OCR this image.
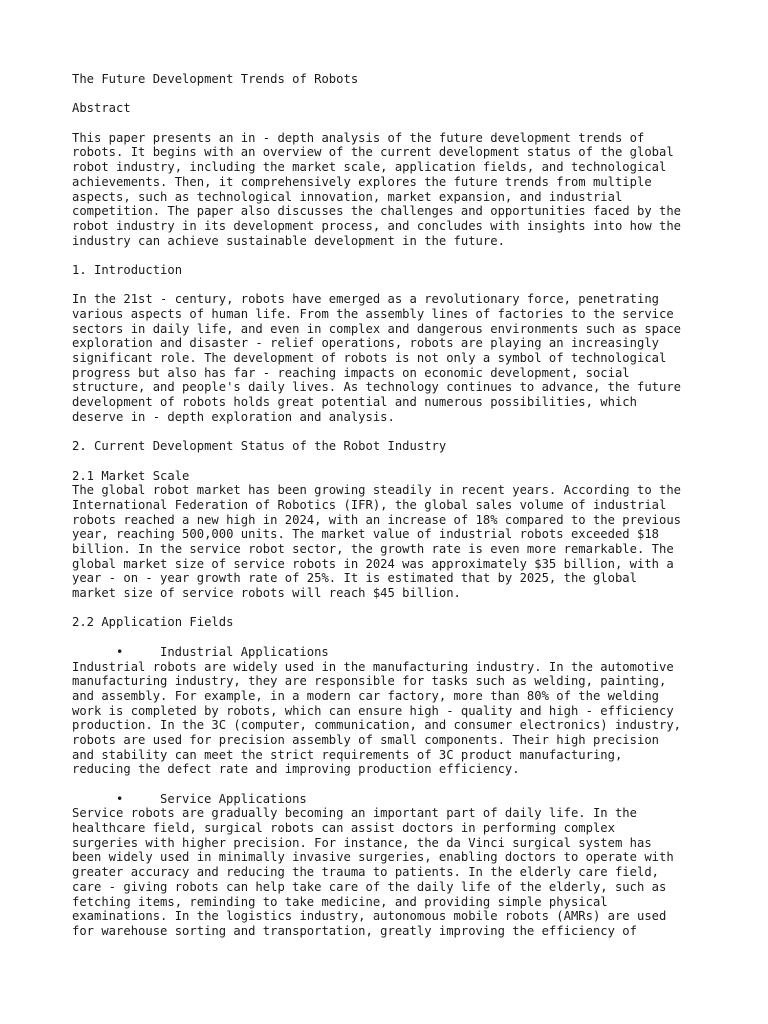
The Future Development Trends of Robots
Abstract
This paper presents an in - depth analysis of the future development trends of
robots. It begins with an overview of the current development status of the global
robot industry, including the market scale, application fields, and technological
achievements. Then, it comprehensively explores the future trends from multiple
aspects, such as technological innovation, market expansion, and industrial
competition. The paper also discusses the challenges and opportunities faced by the
robot industry in its development process, and concludes with insights into how the
industry can achieve sustainable development in the future.
1. Introduction
In the 21st - century, robots have emerged as a revolutionary force, penetrating
various aspects of human life. From the assembly lines of factories to the service
sectors in daily life, and even in complex and dangerous environments such as space
exploration and disaster - relief operations, robots are playing an increasingly
significant role. The development of robots is not only a symbol of technological
progress but also has far - reaching impacts on economic development, social
structure, and people's daily lives. As technology continues to advance, the future
development of robots holds great potential and numerous possibilities, which
deserve in - depth exploration and analysis.
2. Current Development Status of the Robot Industry
2.1 Market Scale
The global robot market has been growing steadily in recent years. According to the
International Federation of Robotics (IFR), the global sales volume of industrial
robots reached a new high in 2024, with an increase of 18% compared to the previous
year, reaching 500,000 units. The market value of industrial robots exceeded $18
billion. In the service robot sector, the growth rate is even more remarkable. The
global market size of service robots in 2024 was approximately $35 billion, with a
year - on - year growth rate of 25%. It is estimated that by 2025, the global
market size of service robots will reach $45 billion.
2.2 Application Fields

•

	Industrial Applications

Industrial robots are widely used in the manufacturing industry. In the automotive
manufacturing industry, they are responsible for tasks such as welding, painting,
and assembly. For example, in a modern car factory, more than 80% of the welding
work is completed by robots, which can ensure high - quality and high - efficiency
production. In the 3C (computer, communication, and consumer electronics) industry,
robots are used for precision assembly of small components. Their high precision
and stability can meet the strict requirements of 3C product manufacturing,
reducing the defect rate and improving production efficiency.

•

	Service Applications

Service robots are gradually becoming an important part of daily life. In the
healthcare field, surgical robots can assist doctors in performing complex
surgeries with higher precision. For instance, the da Vinci surgical system has
been widely used in minimally invasive surgeries, enabling doctors to operate with
greater accuracy and reducing the trauma to patients. In the elderly care field,
care - giving robots can help take care of the daily life of the elderly, such as
fetching items, reminding to take medicine, and providing simple physical
examinations. In the logistics industry, autonomous mobile robots (AMRs) are used
for warehouse sorting and transportation, greatly improving the efficiency of
